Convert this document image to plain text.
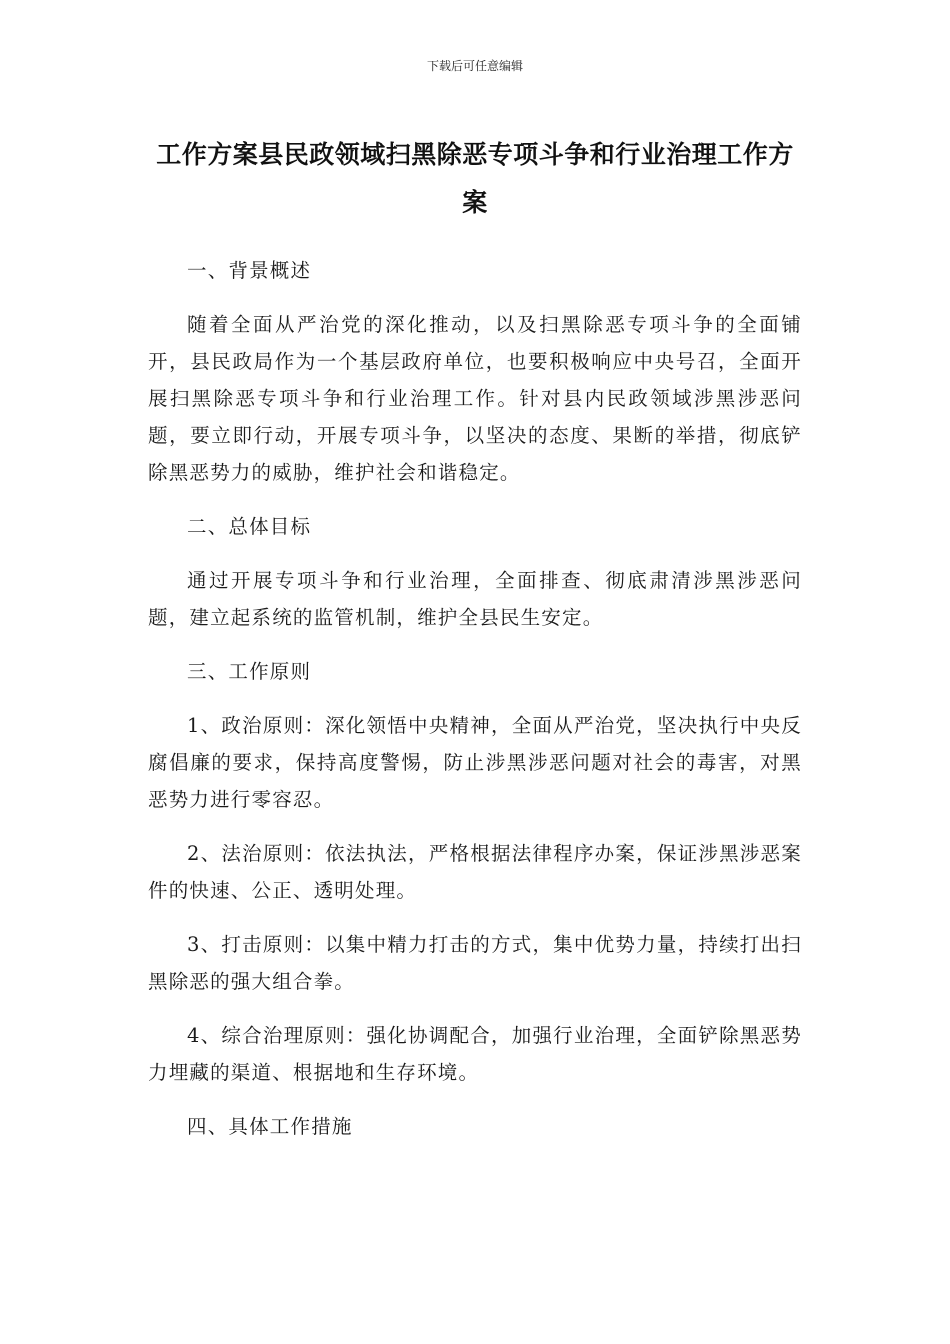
下载后可任意编辑
工作方案县民政领域扫黑除恶专项斗争和行业治理工作方案

一、背景概述

随着全面从严治党的深化推动，以及扫黑除恶专项斗争的全面铺开，县民政局作为一个基层政府单位，也要积极响应中央号召，全面开展扫黑除恶专项斗争和行业治理工作。针对县内民政领域涉黑涉恶问题，要立即行动，开展专项斗争，以坚决的态度、果断的举措，彻底铲除黑恶势力的威胁，维护社会和谐稳定。

二、总体目标

通过开展专项斗争和行业治理，全面排查、彻底肃清涉黑涉恶问题，建立起系统的监管机制，维护全县民生安定。

三、工作原则

1、政治原则：深化领悟中央精神，全面从严治党，坚决执行中央反腐倡廉的要求，保持高度警惕，防止涉黑涉恶问题对社会的毒害，对黑恶势力进行零容忍。

2、法治原则：依法执法，严格根据法律程序办案，保证涉黑涉恶案件的快速、公正、透明处理。

3、打击原则：以集中精力打击的方式，集中优势力量，持续打出扫黑除恶的强大组合拳。

4、综合治理原则：强化协调配合，加强行业治理，全面铲除黑恶势力埋藏的渠道、根据地和生存环境。

四、具体工作措施
